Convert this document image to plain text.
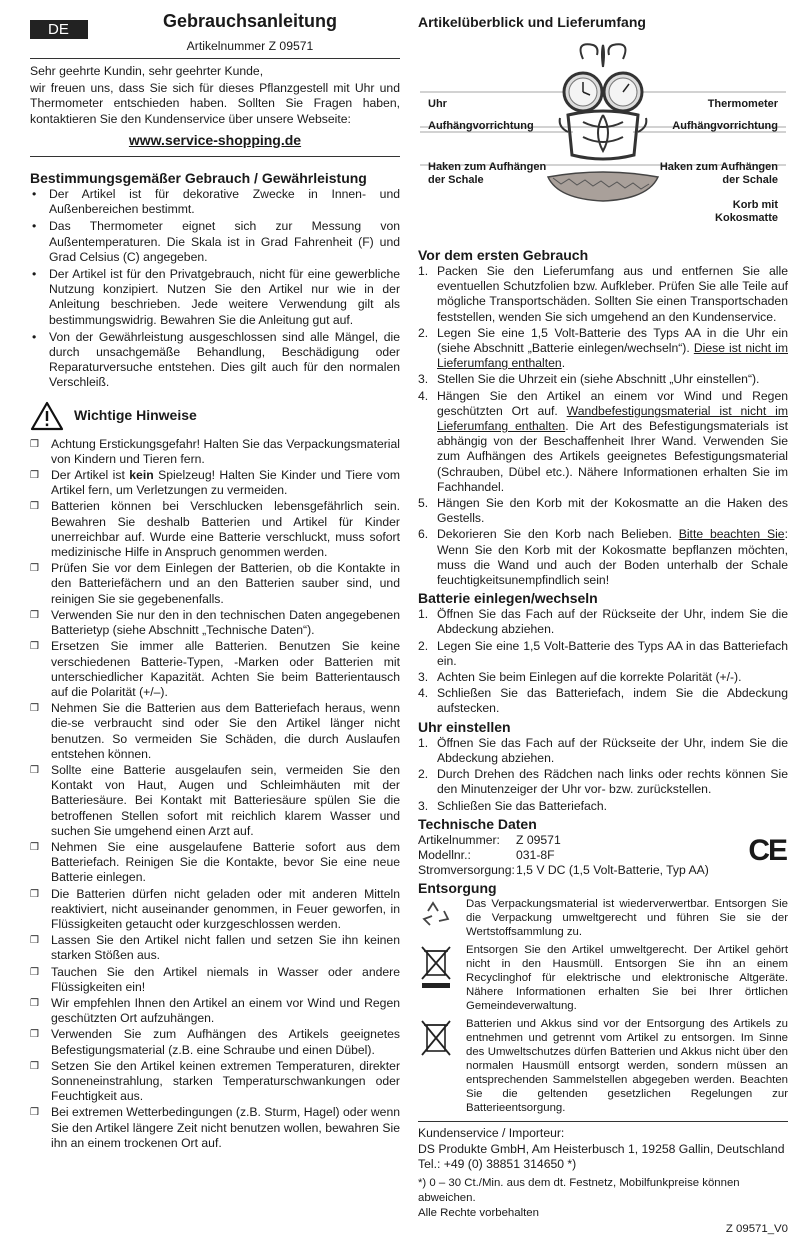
DE	Gebrauchsanleitung
Artikelnummer Z 09571

Sehr geehrte Kundin, sehr geehrter Kunde,

wir freuen uns, dass Sie sich für dieses Pflanzgestell mit Uhr und Thermometer entschieden haben. Sollten Sie Fragen haben, kontaktieren Sie den Kundenservice über unsere Webseite:

www.service-shopping.de

Bestimmungsgemäßer Gebrauch / Gewährleistung
• Der Artikel ist für dekorative Zwecke in Innen- und Außenbereichen bestimmt.
• Das Thermometer eignet sich zur Messung von Außentemperaturen. Die Skala ist in Grad Fahrenheit (F) und Grad Celsius (C) angegeben.
• Der Artikel ist für den Privatgebrauch, nicht für eine gewerbliche Nutzung konzipiert. Nutzen Sie den Artikel nur wie in der Anleitung beschrieben. Jede weitere Verwendung gilt als bestimmungswidrig. Bewahren Sie die Anleitung gut auf.
• Von der Gewährleistung ausgeschlossen sind alle Mängel, die durch unsachgemäße Behandlung, Beschädigung oder Reparaturversuche entstehen. Dies gilt auch für den normalen Verschleiß.
Wichtige Hinweise
❒ Achtung Erstickungsgefahr! Halten Sie das Verpackungsmaterial von Kindern und Tieren fern.
❒ Der Artikel ist kein Spielzeug! Halten Sie Kinder und Tiere vom Artikel fern, um Verletzungen zu vermeiden.
❒ Batterien können bei Verschlucken lebensgefährlich sein. Bewahren Sie deshalb Batterien und Artikel für Kinder unerreichbar auf. Wurde eine Batterie verschluckt, muss sofort medizinische Hilfe in Anspruch genommen werden.
❒ Prüfen Sie vor dem Einlegen der Batterien, ob die Kontakte in den Batteriefächern und an den Batterien sauber sind, und reinigen Sie sie gegebenenfalls.
❒ Verwenden Sie nur den in den technischen Daten angegebenen Batterietyp (siehe Abschnitt „Technische Daten“).
❒ Ersetzen Sie immer alle Batterien. Benutzen Sie keine verschiedenen Batterie-Typen, -Marken oder Batterien mit unterschiedlicher Kapazität. Achten Sie beim Batterientausch auf die Polarität (+/–).
❒ Nehmen Sie die Batterien aus dem Batteriefach heraus, wenn die-se verbraucht sind oder Sie den Artikel länger nicht benutzen. So vermeiden Sie Schäden, die durch Auslaufen entstehen können.
❒ Sollte eine Batterie ausgelaufen sein, vermeiden Sie den Kontakt von Haut, Augen und Schleimhäuten mit der Batteriesäure. Bei Kontakt mit Batteriesäure spülen Sie die betroffenen Stellen sofort mit reichlich klarem Wasser und suchen Sie umgehend einen Arzt auf.
❒ Nehmen Sie eine ausgelaufene Batterie sofort aus dem Batteriefach. Reinigen Sie die Kontakte, bevor Sie eine neue Batterie einlegen.
❒ Die Batterien dürfen nicht geladen oder mit anderen Mitteln reaktiviert, nicht auseinander genommen, in Feuer geworfen, in Flüssigkeiten getaucht oder kurzgeschlossen werden.
❒ Lassen Sie den Artikel nicht fallen und setzen Sie ihn keinen starken Stößen aus.
❒ Tauchen Sie den Artikel niemals in Wasser oder andere Flüssigkeiten ein!
❒ Wir empfehlen Ihnen den Artikel an einem vor Wind und Regen geschützten Ort aufzuhängen.
❒ Verwenden Sie zum Aufhängen des Artikels geeignetes Befestigungsmaterial (z.B. eine Schraube und einen Dübel).
❒ Setzen Sie den Artikel keinen extremen Temperaturen, direkter Sonneneinstrahlung, starken Temperaturschwankungen oder Feuchtigkeit aus.
❒ Bei extremen Wetterbedingungen (z.B. Sturm, Hagel) oder wenn Sie den Artikel längere Zeit nicht benutzen wollen, bewahren Sie ihn an einem trockenen Ort auf.
Artikelüberblick und Lieferumfang
Uhr	Thermometer
Aufhängvorrichtung	Aufhängvorrichtung
Haken zum Aufhängen
der Schale
Haken zum Aufhängen
der Schale
Korb mit
Kokosmatte
Vor dem ersten Gebrauch
1. Packen Sie den Lieferumfang aus und entfernen Sie alle eventuellen Schutzfolien bzw. Aufkleber. Prüfen Sie alle Teile auf mögliche Transportschäden. Sollten Sie einen Transportschaden feststellen, wenden Sie sich umgehend an den Kundenservice.
2. Legen Sie eine 1,5 Volt-Batterie des Typs AA in die Uhr ein (siehe Abschnitt „Batterie einlegen/wechseln“). Diese ist nicht im Lieferumfang enthalten.
3. Stellen Sie die Uhrzeit ein (siehe Abschnitt „Uhr einstellen“).
4. Hängen Sie den Artikel an einem vor Wind und Regen geschützten Ort auf. Wandbefestigungsmaterial ist nicht im Lieferumfang enthalten. Die Art des Befestigungsmaterials ist abhängig von der Beschaffenheit Ihrer Wand. Verwenden Sie zum Aufhängen des Artikels geeignetes Befestigungsmaterial (Schrauben, Dübel etc.). Nähere Informationen erhalten Sie im Fachhandel.
5. Hängen Sie den Korb mit der Kokosmatte an die Haken des Gestells.
6. Dekorieren Sie den Korb nach Belieben. Bitte beachten Sie: Wenn Sie den Korb mit der Kokosmatte bepflanzen möchten, muss die Wand und auch der Boden unterhalb der Schale feuchtigkeitsunempfindlich sein!
Batterie einlegen/wechseln
1. Öffnen Sie das Fach auf der Rückseite der Uhr, indem Sie die Abdeckung abziehen.
2. Legen Sie eine 1,5 Volt-Batterie des Typs AA in das Batteriefach ein.
3. Achten Sie beim Einlegen auf die korrekte Polarität (+/-).
4. Schließen Sie das Batteriefach, indem Sie die Abdeckung aufstecken.
Uhr einstellen
1. Öffnen Sie das Fach auf der Rückseite der Uhr, indem Sie die Abdeckung abziehen.
2. Durch Drehen des Rädchen nach links oder rechts können Sie den Minutenzeiger der Uhr vor- bzw. zurückstellen.
3. Schließen Sie das Batteriefach.
Technische Daten
Artikelnummer:	Z 09571
Modellnr.:	031-8F
Stromversorgung: 1,5 V DC (1,5 Volt-Batterie, Typ AA)
CE
Entsorgung
Das Verpackungsmaterial ist wiederverwertbar. Entsorgen Sie die Verpackung umweltgerecht und führen Sie sie der Wertstoffsammlung zu.
Entsorgen Sie den Artikel umweltgerecht. Der Artikel gehört nicht in den Hausmüll. Entsorgen Sie ihn an einem Recyclinghof für elektrische und elektronische Altgeräte. Nähere Informationen erhalten Sie bei Ihrer örtlichen Gemeindeverwaltung.
Batterien und Akkus sind vor der Entsorgung des Artikels zu entnehmen und getrennt vom Artikel zu entsorgen. Im Sinne des Umweltschutzes dürfen Batterien und Akkus nicht über den normalen Hausmüll entsorgt werden, sondern müssen an entsprechenden Sammelstellen abgegeben werden. Beachten Sie die geltenden gesetzlichen Regelungen zur Batterieentsorgung.
Kundenservice / Importeur:
DS Produkte GmbH, Am Heisterbusch 1, 19258 Gallin, Deutschland
Tel.: +49 (0) 38851 314650 *)
*) 0 – 30 Ct./Min. aus dem dt. Festnetz, Mobilfunkpreise können abweichen.
Alle Rechte vorbehalten
Z 09571_V0
